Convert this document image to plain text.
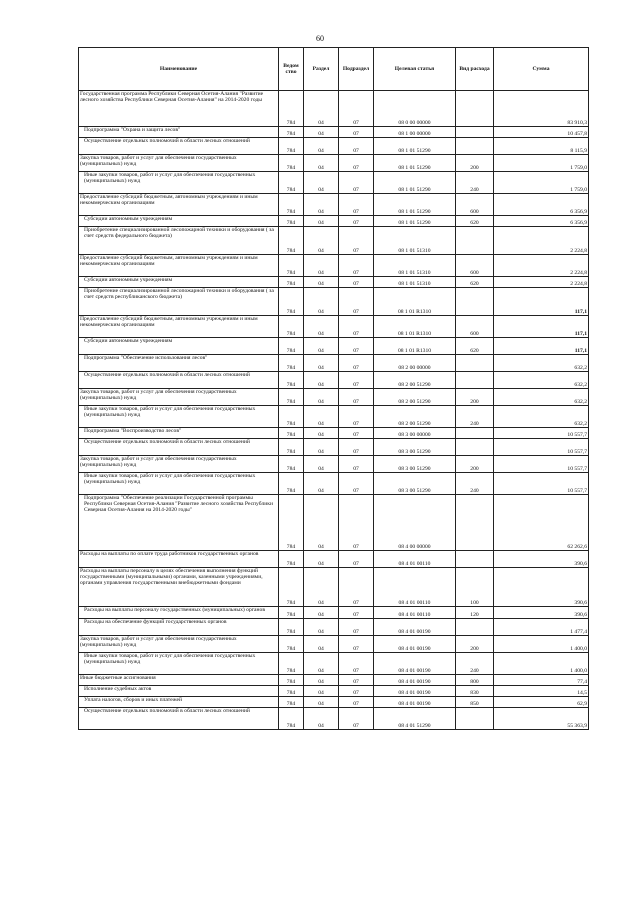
60
Наименование	Ведом ство	Раздел	Подраздел	Целевая статья	Вид расхода	Сумма
Государственная программа Республики Северная Осетия-Алания "Развитие лесного хозяйства Республики Северная Осетия-Алания" на 2014-2020 годы	784	04	07	08 0 00 00000		83 910,3
Подпрограмма "Охрана и защита лесов"	784	04	07	08 1 00 00000		10 457,8
Осуществление отдельных полномочий в области лесных отношений	784	04	07	08 1 01 51290		8 115,9
Закупка товаров, работ и услуг для обеспечения государственных (муниципальных) нужд	784	04	07	08 1 01 51290	200	1 759,0
Иные закупки товаров, работ и услуг для обеспечения государственных (муниципальных) нужд	784	04	07	08 1 01 51290	240	1 759,0
Предоставление субсидий бюджетным, автономным учреждениям и иным некоммерческим организациям	784	04	07	08 1 01 51290	600	6 356,9
Субсидии автономным учреждениям	784	04	07	08 1 01 51290	620	6 356,9
Приобретение специализированной лесопожарной техники и оборудования ( за счет средств федерального бюджета)	784	04	07	08 1 01 51310		2 224,8
Предоставление субсидий бюджетным, автономным учреждениям и иным некоммерческим организациям	784	04	07	08 1 01 51310	600	2 224,8
Субсидии автономным учреждениям	784	04	07	08 1 01 51310	620	2 224,8
Приобретение специализированной лесопожарной техники и оборудования ( за счет средств республиканского бюджета)	784	04	07	08 1 01 R1310		117,1
Предоставление субсидий бюджетным, автономным учреждениям и иным некоммерческим организациям	784	04	07	08 1 01 R1310	600	117,1
Субсидии автономным учреждениям	784	04	07	08 1 01 R1310	620	117,1
Подпрограмма "Обеспечение использования лесов"	784	04	07	08 2 00 00000		632,2
Осуществление отдельных полномочий в области лесных отношений	784	04	07	08 2 00 51290		632,2
Закупка товаров, работ и услуг для обеспечения государственных (муниципальных) нужд	784	04	07	08 2 00 51290	200	632,2
Иные закупки товаров, работ и услуг для обеспечения государственных (муниципальных) нужд	784	04	07	08 2 00 51290	240	632,2
Подпрограмма "Воспроизводство лесов"	784	04	07	08 3 00 00000		10 557,7
Осуществление отдельных полномочий в области лесных отношений	784	04	07	08 3 00 51290		10 557,7
Закупка товаров, работ и услуг для обеспечения государственных (муниципальных) нужд	784	04	07	08 3 00 51290	200	10 557,7
Иные закупки товаров, работ и услуг для обеспечения государственных (муниципальных) нужд	784	04	07	08 3 00 51290	240	10 557,7
Подпрограмма "Обеспечение реализации Государственной программы Республики Северная Осетия-Алания "Развитие лесного хозяйства Республики Северная Осетия-Алания на 2014-2020 годы"	784	04	07	08 4 00 00000		62 262,6
Расходы на выплаты по оплате труда работников государственных органов	784	04	07	08 4 01 00110		390,6
Расходы на выплаты персоналу в целях обеспечения выполнения функций государственными (муниципальными) органами, казенными учреждениями, органами управления государственными внебюджетными фондами	784	04	07	08 4 01 00110	100	390,6
Расходы на выплаты персоналу государственных (муниципальных) органов	784	04	07	08 4 01 00110	120	390,6
Расходы на обеспечение функций государственных органов	784	04	07	08 4 01 00190		1 477,4
Закупка товаров, работ и услуг для обеспечения государственных (муниципальных) нужд	784	04	07	08 4 01 00190	200	1 400,0
Иные закупки товаров, работ и услуг для обеспечения государственных (муниципальных) нужд	784	04	07	08 4 01 00190	240	1 400,0
Иные бюджетные ассигнования	784	04	07	08 4 01 00190	800	77,4
Исполнение судебных актов	784	04	07	08 4 01 00190	830	14,5
Уплата налогов, сборов и иных платежей	784	04	07	08 4 01 00190	850	62,9
Осуществление отдельных полномочий в области лесных отношений	784	04	07	08 4 01 51290		55 363,9
